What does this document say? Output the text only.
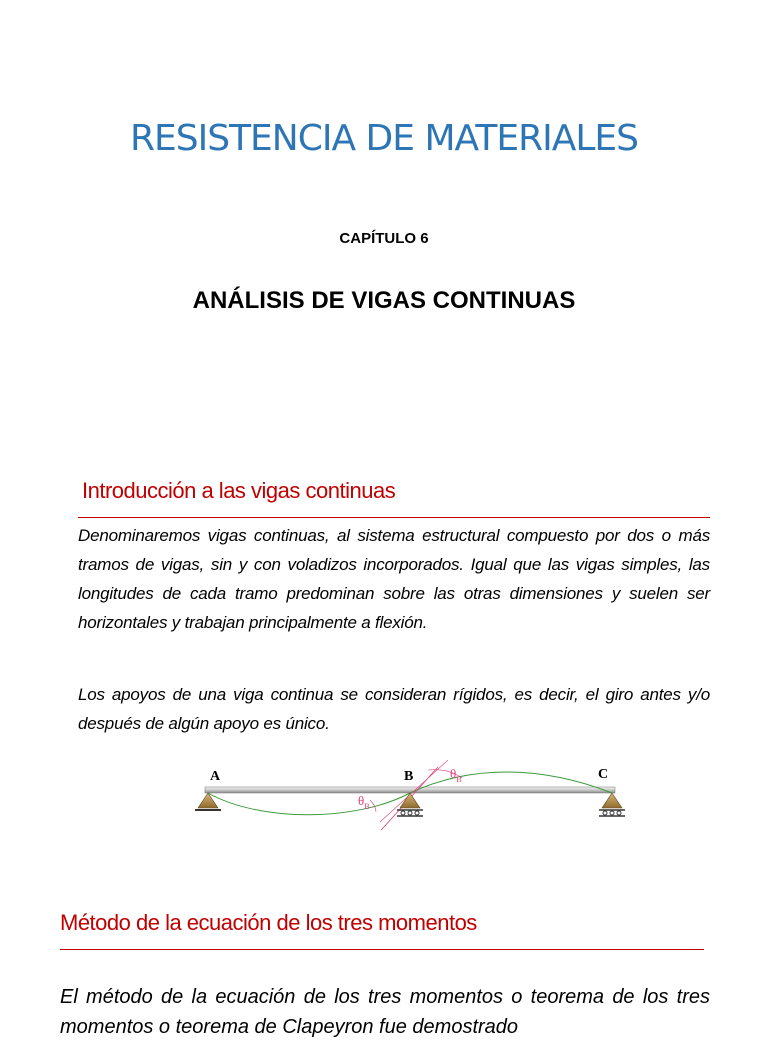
RESISTENCIA DE MATERIALES

CAPÍTULO 6

ANÁLISIS DE VIGAS CONTINUAS
Introducción a las vigas continuas

Denominaremos vigas continuas, al sistema estructural compuesto por dos o más tramos de vigas, sin y con voladizos incorporados. Igual que las vigas simples, las longitudes de cada tramo predominan sobre las otras dimensiones y suelen ser horizontales y trabajan principalmente a flexión.

Los apoyos de una viga continua se consideran rígidos, es decir, el giro antes y/o después de algún apoyo es único.

A	B	C
$\theta_B$
$\theta_B$
Método de la ecuación de los tres momentos

El método de la ecuación de los tres momentos o teorema de los tres momentos o teorema de Clapeyron fue demostrado
